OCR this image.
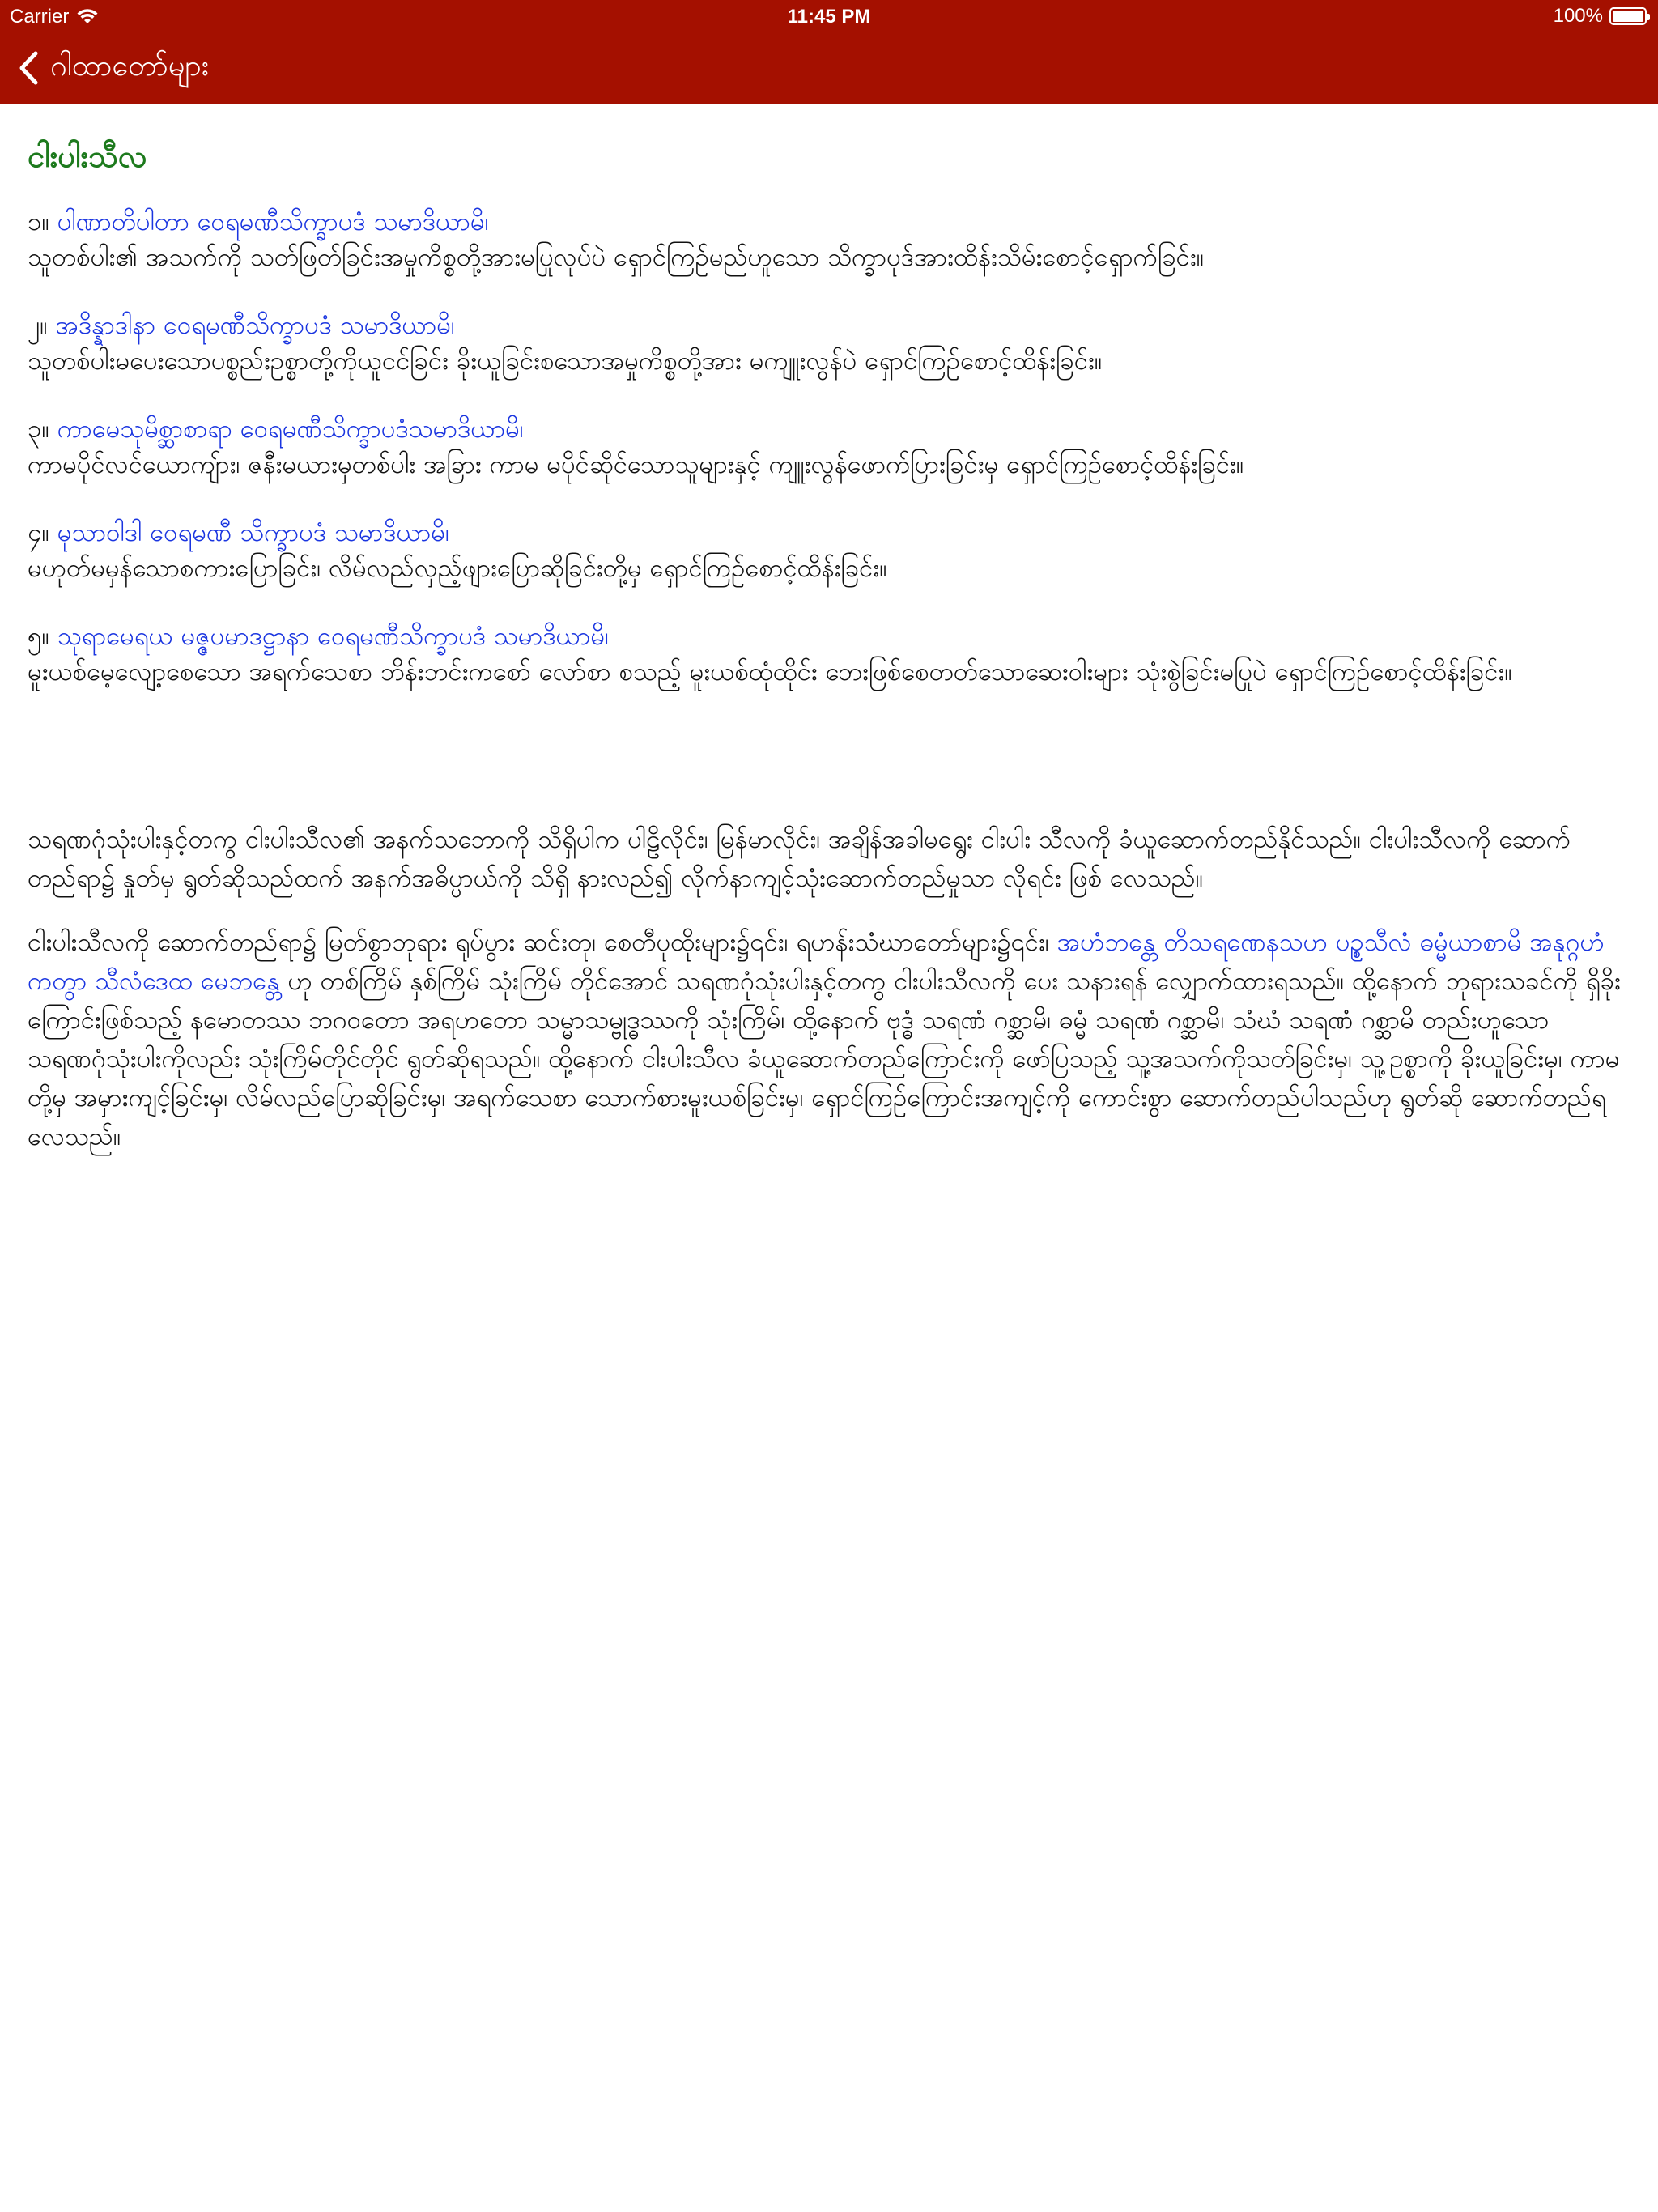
Carrier	11:45 PM	100%
ဂါထာတော်များ
ငါးပါးသီလ
၁။ ပါဏာတိပါတာ ဝေရမဏီသိက္ခာပဒံ သမာဒိယာမိ၊
သူတစ်ပါး၏ အသက်ကို သတ်ဖြတ်ခြင်းအမှုကိစ္စတို့အားမပြုလုပ်ပဲ ရှောင်ကြဉ်မည်ဟူသော သိက္ခာပုဒ်အားထိန်းသိမ်းစောင့်ရှောက်ခြင်း။
၂။ အဒိန္နာဒါနာ ဝေရမဏီသိက္ခာပဒံ သမာဒိယာမိ၊
သူတစ်ပါးမပေးသောပစ္စည်းဥစ္စာတို့ကိုယူငင်ခြင်း ခိုးယူခြင်းစသောအမှုကိစ္စတို့အား မကျူးလွန်ပဲ ရှောင်ကြဉ်စောင့်ထိန်းခြင်း။
၃။ ကာမေသုမိစ္ဆာစာရာ ဝေရမဏီသိက္ခာပဒံသမာဒိယာမိ၊
ကာမပိုင်လင်ယောကျ်ား၊ ဇနီးမယားမှတစ်ပါး အခြား ကာမ မပိုင်ဆိုင်သောသူများနှင့် ကျူးလွန်ဖောက်ပြားခြင်းမှ ရှောင်ကြဉ်စောင့်ထိန်းခြင်း။
၄။ မုသာဝါဒါ ဝေရမဏီ သိက္ခာပဒံ သမာဒိယာမိ၊
မဟုတ်မမှန်သောစကားပြောခြင်း၊ လိမ်လည်လှည့်ဖျားပြောဆိုခြင်းတို့မှ ရှောင်ကြဉ်စောင့်ထိန်းခြင်း။
၅။ သုရာမေရယ မဇ္ဇပမာဒဋ္ဌာနာ ဝေရမဏီသိက္ခာပဒံ သမာဒိယာမိ၊
မူးယစ်မေ့လျော့စေသော အရက်သေစာ ဘိန်းဘင်းကစော် လော်စာ စသည့် မူးယစ်ထုံထိုင်း ဘေးဖြစ်စေတတ်သောဆေးဝါးများ သုံးစွဲခြင်းမပြုပဲ ရှောင်ကြဉ်စောင့်ထိန်းခြင်း။

သရဏဂုံသုံးပါးနှင့်တကွ ငါးပါးသီလ၏ အနက်သဘောကို သိရှိပါက ပါဠိလိုင်း၊ မြန်မာလိုင်း၊ အချိန်အခါမရွေး ငါးပါး သီလကို ခံယူဆောက်တည်နိုင်သည်။ ငါးပါးသီလကို ဆောက် တည်ရာ၌ နှုတ်မှ ရွတ်ဆိုသည်ထက် အနက်အဓိပ္ပာယ်ကို သိရှိ နားလည်၍ လိုက်နာကျင့်သုံးဆောက်တည်မှုသာ လိုရင်း ဖြစ် လေသည်။

ငါးပါးသီလကို ဆောက်တည်ရာ၌ မြတ်စွာဘုရား ရုပ်ပွား ဆင်းတု၊ စေတီပုထိုးများ၌၎င်း၊ ရဟန်းသံဃာတော်များ၌၎င်း၊ အဟံဘန္တေ တိသရဏေနသဟ ပဉ္စသီလံ ဓမ္မံယာစာမိ အနုဂ္ဂဟံ ကတွာ သီလံဒေထ မေဘန္တေ ဟု တစ်ကြိမ် နှစ်ကြိမ် သုံးကြိမ် တိုင်အောင် သရဏဂုံသုံးပါးနှင့်တကွ ငါးပါးသီလကို ပေး သနားရန် လျှောက်ထားရသည်။ ထို့နောက် ဘုရားသခင်ကို ရှိခိုးကြောင်းဖြစ်သည့် နမောတဿ ဘဂဝတော အရဟတော သမ္မာသမ္ဗုဒ္ဓဿကို သုံးကြိမ်၊ ထို့နောက် ဗုဒ္ဓံ သရဏံ ဂစ္ဆာမိ၊ ဓမ္မံ သရဏံ ဂစ္ဆာမိ၊ သံဃံ သရဏံ ဂစ္ဆာမိ တည်းဟူသော သရဏဂုံသုံးပါးကိုလည်း သုံးကြိမ်တိုင်တိုင် ရွတ်ဆိုရသည်။ ထို့နောက် ငါးပါးသီလ ခံယူဆောက်တည်ကြောင်းကို ဖော်ပြသည့် သူ့အသက်ကိုသတ်ခြင်းမှ၊ သူ့ဥစ္စာကို ခိုးယူခြင်းမှ၊ ကာမတို့မှ အမှားကျင့်ခြင်းမှ၊ လိမ်လည်ပြောဆိုခြင်းမှ၊ အရက်သေစာ သောက်စားမူးယစ်ခြင်းမှ၊ ရှောင်ကြဉ်ကြောင်းအကျင့်ကို ကောင်းစွာ ဆောက်တည်ပါသည်ဟု ရွတ်ဆို ဆောက်တည်ရလေသည်။
